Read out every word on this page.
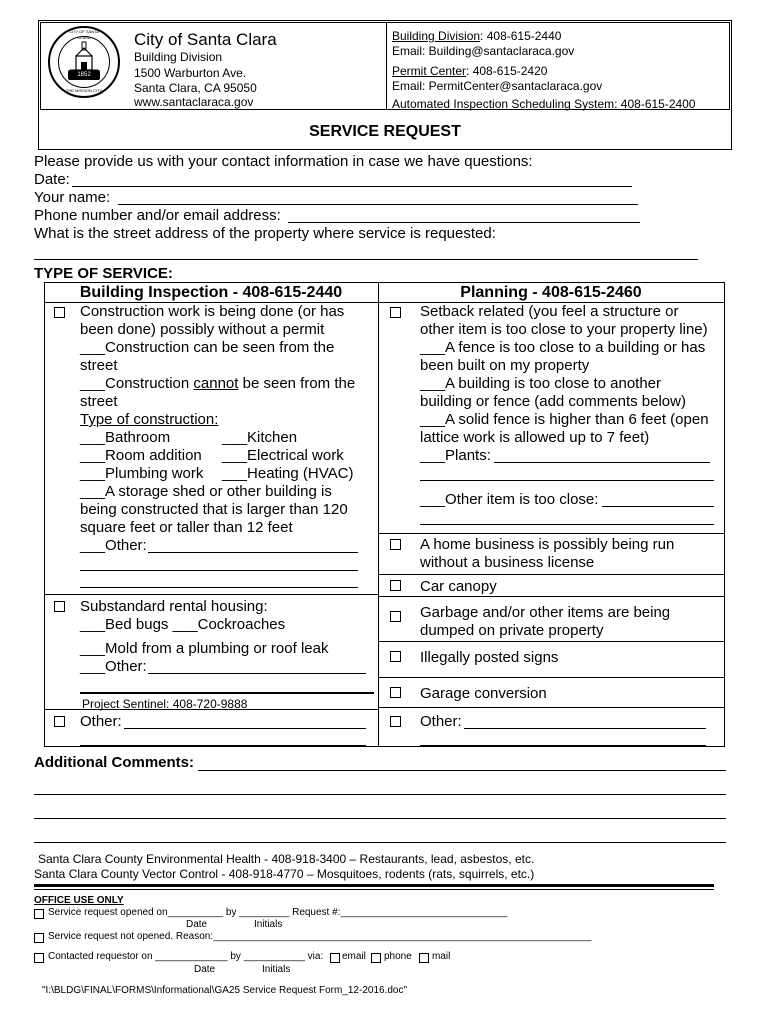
1852
CITY OF SANTA CLARA
THE MISSION CITY
City of Santa Clara
Building Division
1500 Warburton Ave.
Santa Clara, CA 95050
www.santaclaraca.gov
Building Division: 408-615-2440
Email: Building@santaclaraca.gov
Permit Center: 408-615-2420
Email: PermitCenter@santaclaraca.gov
Automated Inspection Scheduling System: 408-615-2400
SERVICE REQUEST
Please provide us with your contact information in case we have questions:
Date:
Your name:
Phone number and/or email address:
What is the street address of the property where service is requested:
TYPE OF SERVICE:
Building Inspection - 408-615-2440	Planning - 408-615-2460
Construction work is being done (or has
been done) possibly without a permit
___Construction can be seen from the
street
___Construction cannot be seen from the
street
Type of construction:
___Bathroom	___Kitchen
___Room addition ___Electrical work
___Plumbing work ___Heating (HVAC)
___A storage shed or other building is
being constructed that is larger than 120
square feet or taller than 12 feet
___Other:
Substandard rental housing:
___Bed bugs ___Cockroaches
___Mold from a plumbing or roof leak
___Other:
Project Sentinel: 408-720-9888
Other:
Setback related (you feel a structure or
other item is too close to your property line)
___A fence is too close to a building or has
been built on my property
___A building is too close to another
building or fence (add comments below)
___A solid fence is higher than 6 feet (open
lattice work is allowed up to 7 feet)
___Plants:
___Other item is too close:
A home business is possibly being run
without a business license
Car canopy
Garbage and/or other items are being
dumped on private property
Illegally posted signs
Garage conversion
Other:
Additional Comments:
Santa Clara County Environmental Health - 408-918-3400 – Restaurants, lead, asbestos, etc.
Santa Clara County Vector Control - 408-918-4770 – Mosquitoes, rodents (rats, squirrels, etc.)
OFFICE USE ONLY
Service request opened on__________ by _________ Request #:______________________________
Date	Initials
Service request not opened. Reason:____________________________________________________________________
Contacted requestor on _____________ by ___________ via: email phone mail
Date	Initials
"I:\BLDG\FINAL\FORMS\Informational\GA25 Service Request Form_12-2016.doc"
